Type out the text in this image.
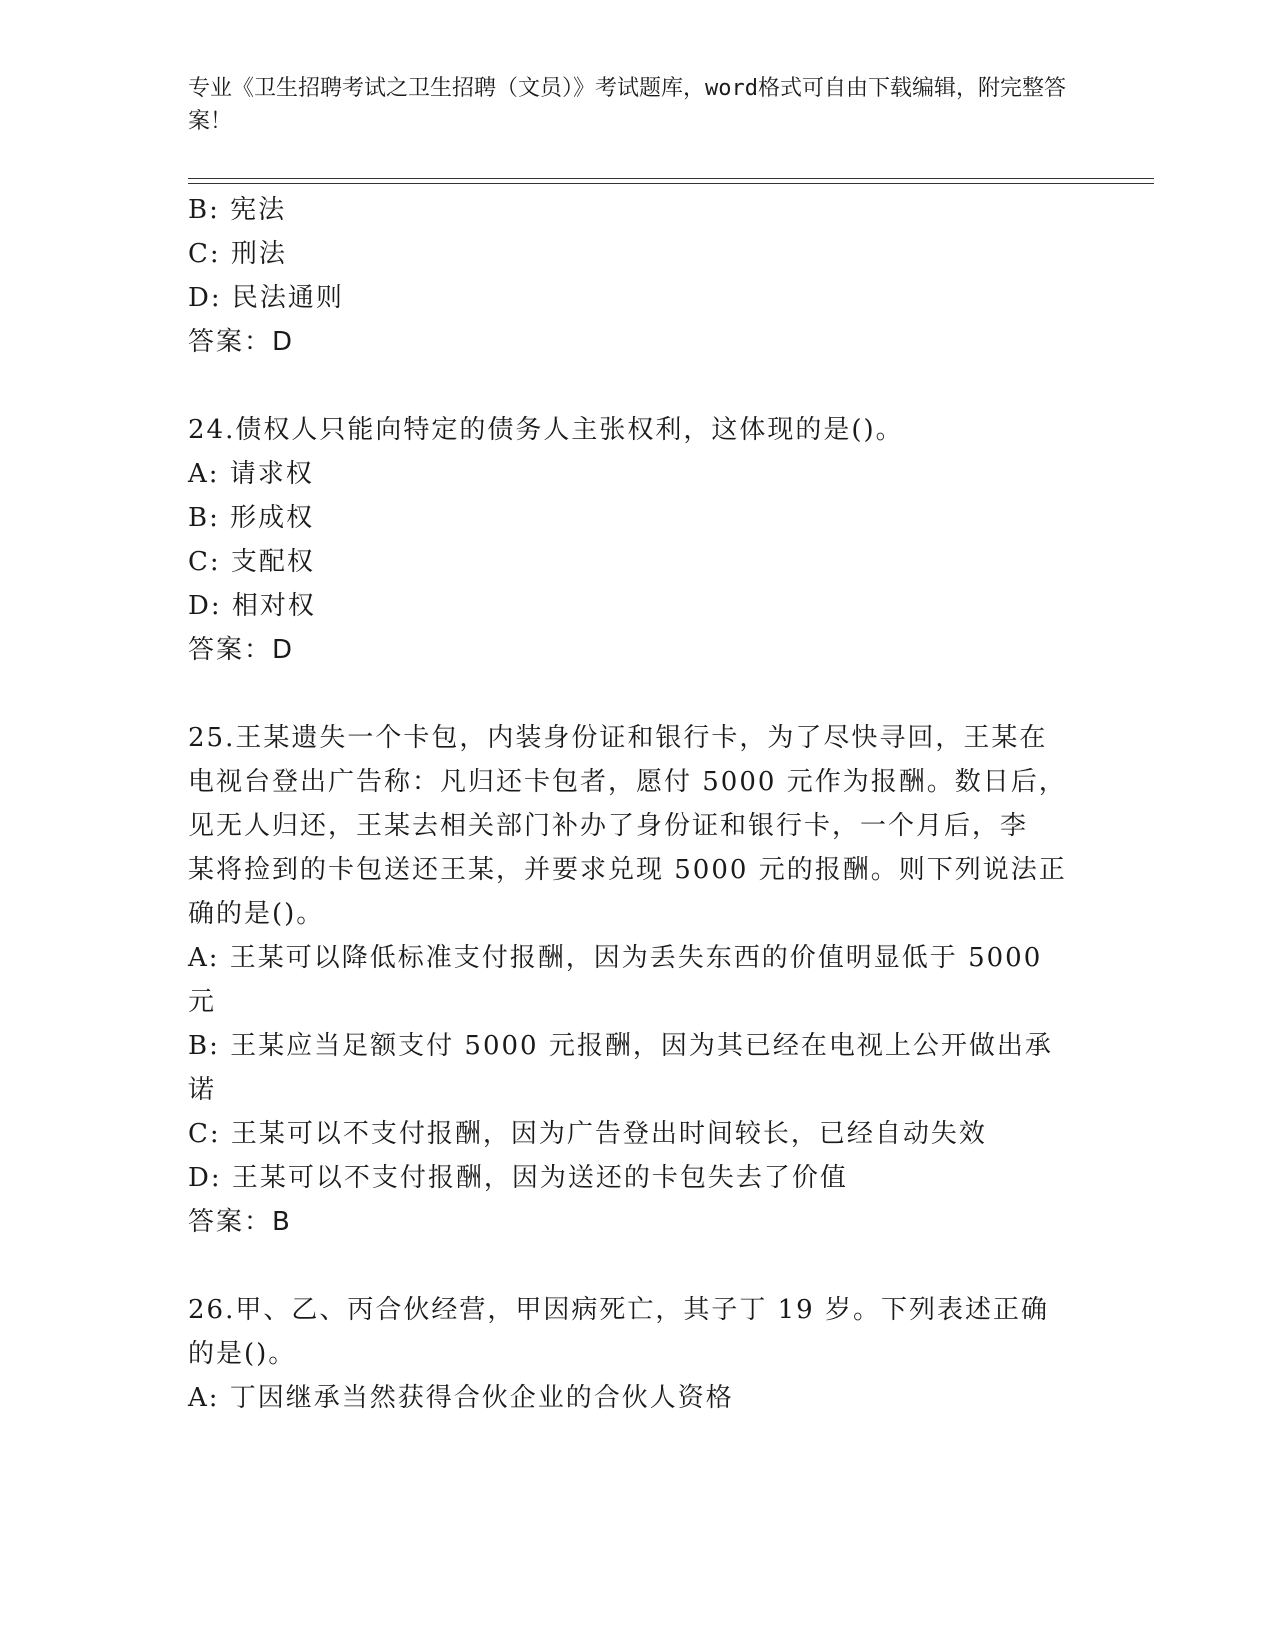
专业《卫生招聘考试之卫生招聘（文员）》考试题库，word格式可自由下载编辑，附完整答案！
B: 宪法
C: 刑法
D: 民法通则
答案：D
24.债权人只能向特定的债务人主张权利，这体现的是()。
A: 请求权
B: 形成权
C: 支配权
D: 相对权
答案：D
25.王某遗失一个卡包，内装身份证和银行卡，为了尽快寻回，王某在
电视台登出广告称：凡归还卡包者，愿付 5000 元作为报酬。数日后，
见无人归还，王某去相关部门补办了身份证和银行卡，一个月后，李
某将捡到的卡包送还王某，并要求兑现 5000 元的报酬。则下列说法正
确的是()。
A: 王某可以降低标准支付报酬，因为丢失东西的价值明显低于 5000
元
B: 王某应当足额支付 5000 元报酬，因为其已经在电视上公开做出承
诺
C: 王某可以不支付报酬，因为广告登出时间较长，已经自动失效
D: 王某可以不支付报酬，因为送还的卡包失去了价值
答案：B
26.甲、乙、丙合伙经营，甲因病死亡，其子丁 19 岁。下列表述正确
的是()。
A: 丁因继承当然获得合伙企业的合伙人资格
